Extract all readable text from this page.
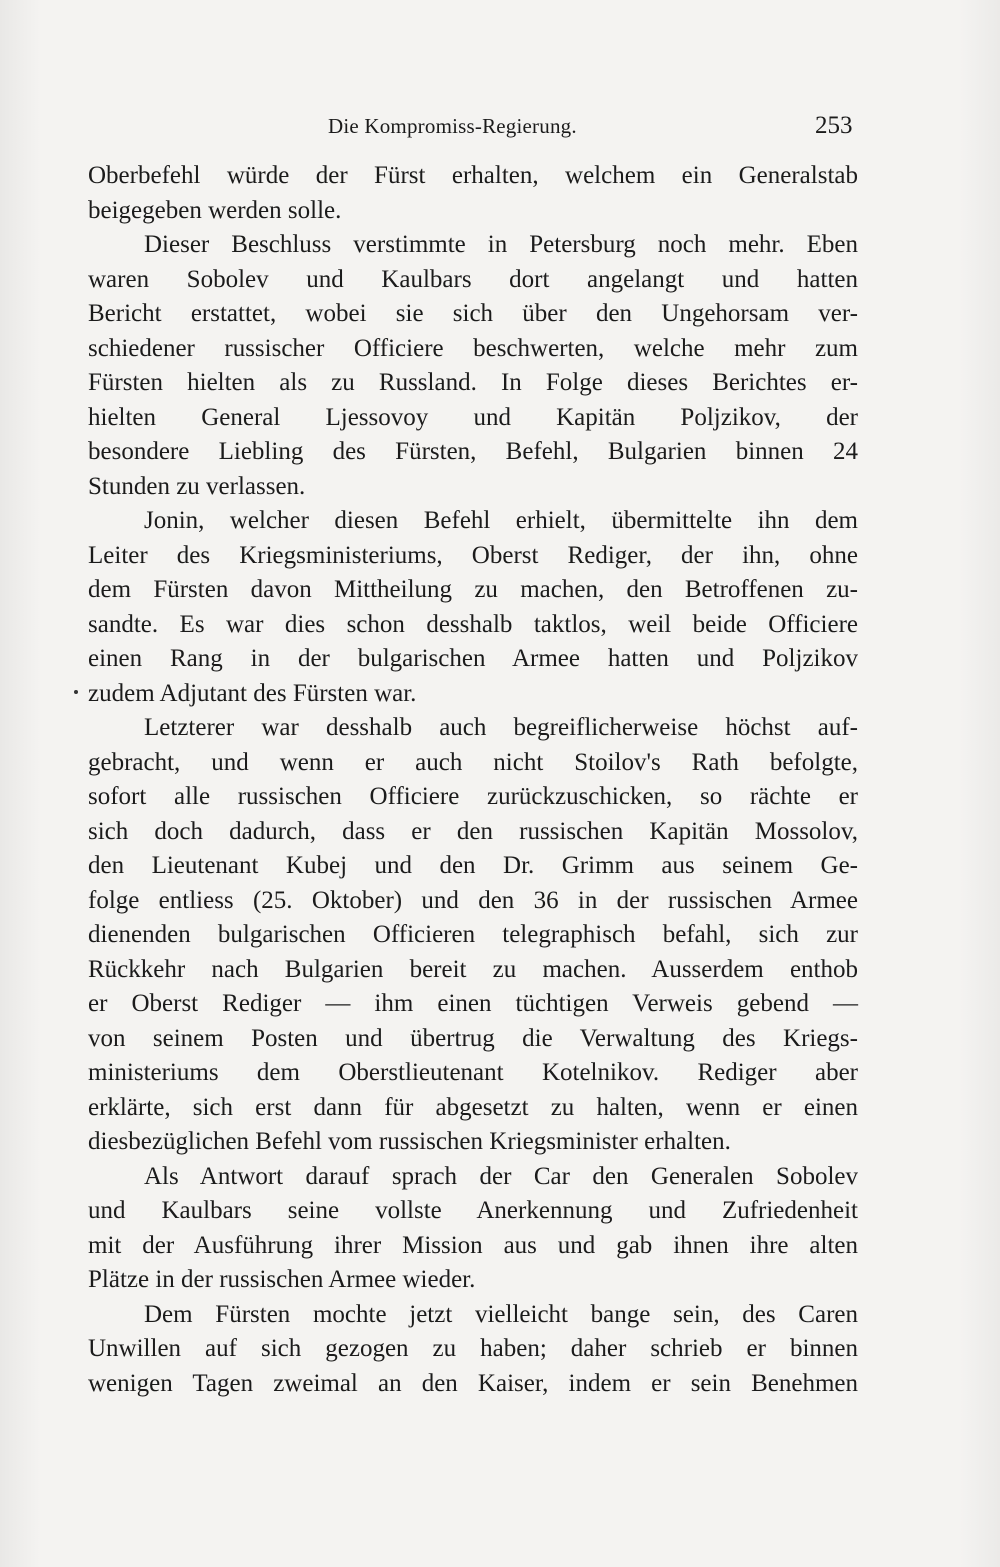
Die Kompromiss-Regierung.	253
Oberbefehl würde der Fürst erhalten, welchem ein Generalstab
beigegeben werden solle.
Dieser Beschluss verstimmte in Petersburg noch mehr. Eben
waren Sobolev und Kaulbars dort angelangt und hatten
Bericht erstattet, wobei sie sich über den Ungehorsam ver-
schiedener russischer Officiere beschwerten, welche mehr zum
Fürsten hielten als zu Russland. In Folge dieses Berichtes er-
hielten General Ljessovoy und Kapitän Poljzikov, der
besondere Liebling des Fürsten, Befehl, Bulgarien binnen 24
Stunden zu verlassen.
Jonin, welcher diesen Befehl erhielt, übermittelte ihn dem
Leiter des Kriegsministeriums, Oberst Rediger, der ihn, ohne
dem Fürsten davon Mittheilung zu machen, den Betroffenen zu-
sandte. Es war dies schon desshalb taktlos, weil beide Officiere
einen Rang in der bulgarischen Armee hatten und Poljzikov
zudem Adjutant des Fürsten war.
Letzterer war desshalb auch begreiflicherweise höchst auf-
gebracht, und wenn er auch nicht Stoilov's Rath befolgte,
sofort alle russischen Officiere zurückzuschicken, so rächte er
sich doch dadurch, dass er den russischen Kapitän Mossolov,
den Lieutenant Kubej und den Dr. Grimm aus seinem Ge-
folge entliess (25. Oktober) und den 36 in der russischen Armee
dienenden bulgarischen Officieren telegraphisch befahl, sich zur
Rückkehr nach Bulgarien bereit zu machen. Ausserdem enthob
er Oberst Rediger — ihm einen tüchtigen Verweis gebend —
von seinem Posten und übertrug die Verwaltung des Kriegs-
ministeriums dem Oberstlieutenant Kotelnikov. Rediger aber
erklärte, sich erst dann für abgesetzt zu halten, wenn er einen
diesbezüglichen Befehl vom russischen Kriegsminister erhalten.
Als Antwort darauf sprach der Car den Generalen Sobolev
und Kaulbars seine vollste Anerkennung und Zufriedenheit
mit der Ausführung ihrer Mission aus und gab ihnen ihre alten
Plätze in der russischen Armee wieder.
Dem Fürsten mochte jetzt vielleicht bange sein, des Caren
Unwillen auf sich gezogen zu haben; daher schrieb er binnen
wenigen Tagen zweimal an den Kaiser, indem er sein Benehmen
